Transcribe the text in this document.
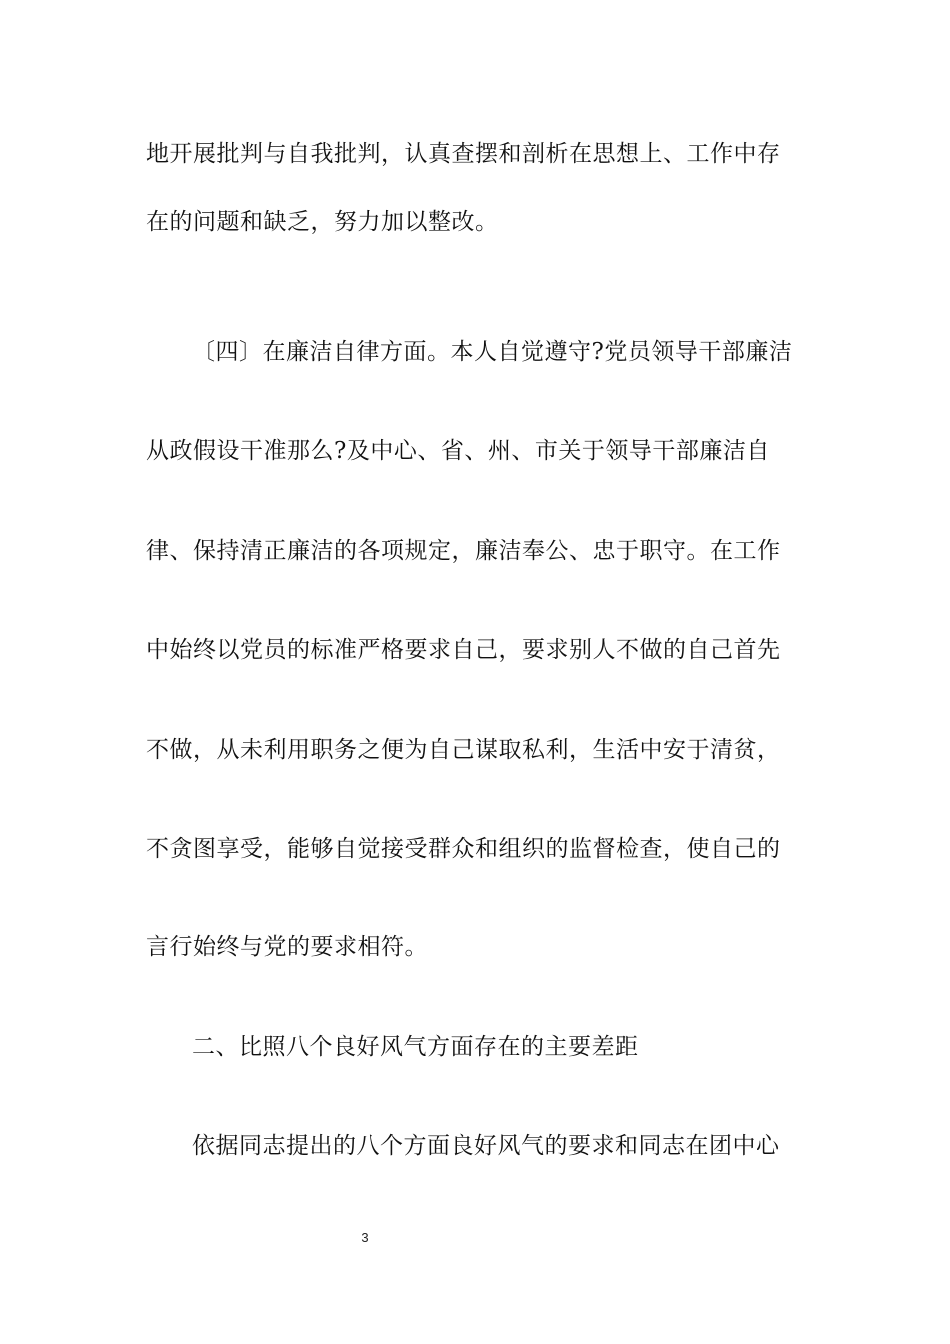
地开展批判与自我批判，认真查摆和剖析在思想上、工作中存
在的问题和缺乏，努力加以整改。
〔四〕在廉洁自律方面。本人自觉遵守?党员领导干部廉洁
从政假设干准那么?及中心、省、州、市关于领导干部廉洁自
律、保持清正廉洁的各项规定，廉洁奉公、忠于职守。在工作
中始终以党员的标准严格要求自己，要求别人不做的自己首先
不做，从未利用职务之便为自己谋取私利，生活中安于清贫，
不贪图享受，能够自觉接受群众和组织的监督检查，使自己的
言行始终与党的要求相符。
二、比照八个良好风气方面存在的主要差距
依据同志提出的八个方面良好风气的要求和同志在团中心
3
